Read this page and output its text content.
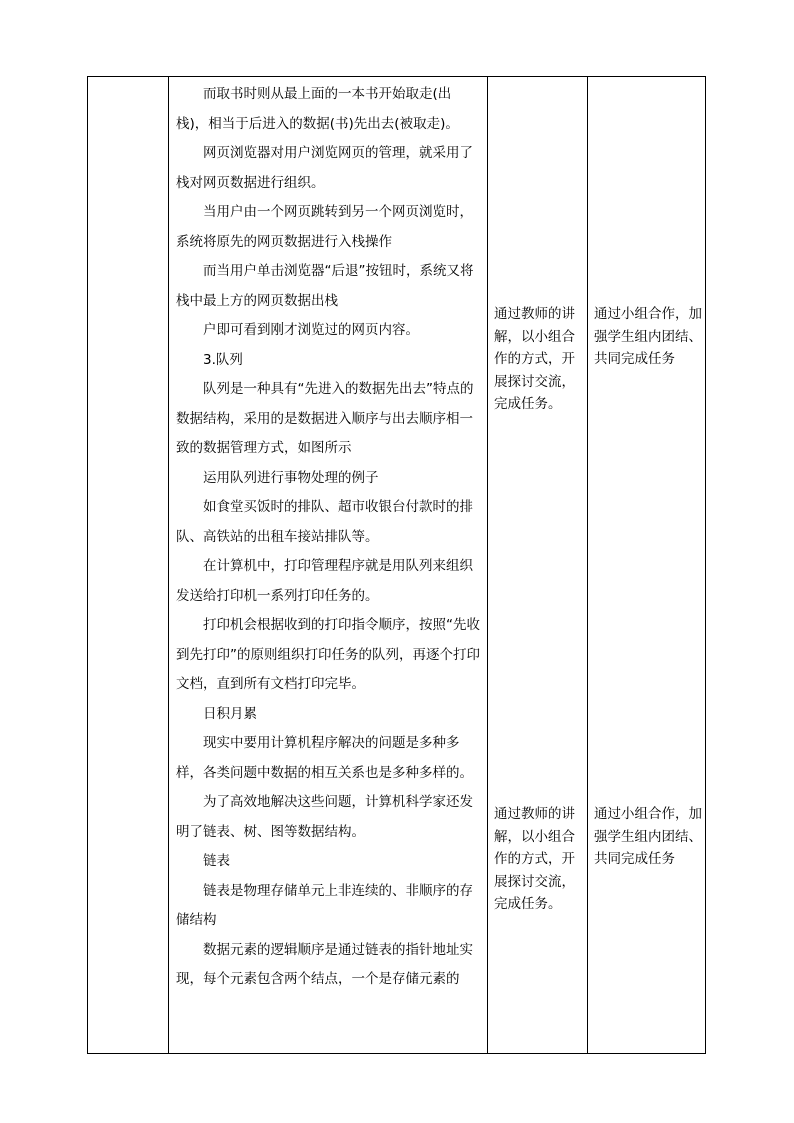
而取书时则从最上面的一本书开始取走(出栈)，相当于后进入的数据(书)先出去(被取走)。

网页浏览器对用户浏览网页的管理，就采用了栈对网页数据进行组织。

当用户由一个网页跳转到另一个网页浏览时，系统将原先的网页数据进行入栈操作

而当用户单击浏览器“后退”按钮时，系统又将栈中最上方的网页数据出栈

户即可看到刚才浏览过的网页内容。

3.队列

队列是一种具有“先进入的数据先出去”特点的数据结构，采用的是数据进入顺序与出去顺序相一致的数据管理方式，如图所示

运用队列进行事物处理的例子

如食堂买饭时的排队、超市收银台付款时的排队、高铁站的出租车接站排队等。

在计算机中，打印管理程序就是用队列来组织发送给打印机一系列打印任务的。

打印机会根据收到的打印指令顺序，按照“先收到先打印”的原则组织打印任务的队列，再逐个打印文档，直到所有文档打印完毕。

日积月累

现实中要用计算机程序解决的问题是多种多样，各类问题中数据的相互关系也是多种多样的。

为了高效地解决这些问题，计算机科学家还发明了链表、树、图等数据结构。

链表

链表是物理存储单元上非连续的、非顺序的存储结构

数据元素的逻辑顺序是通过链表的指针地址实现，每个元素包含两个结点，一个是存储元素的

通过教师的讲解，以小组合作的方式，开展探讨交流，完成任务。
通过小组合作，加强学生组内团结、共同完成任务
通过教师的讲解，以小组合作的方式，开展探讨交流，完成任务。
通过小组合作，加强学生组内团结、共同完成任务
